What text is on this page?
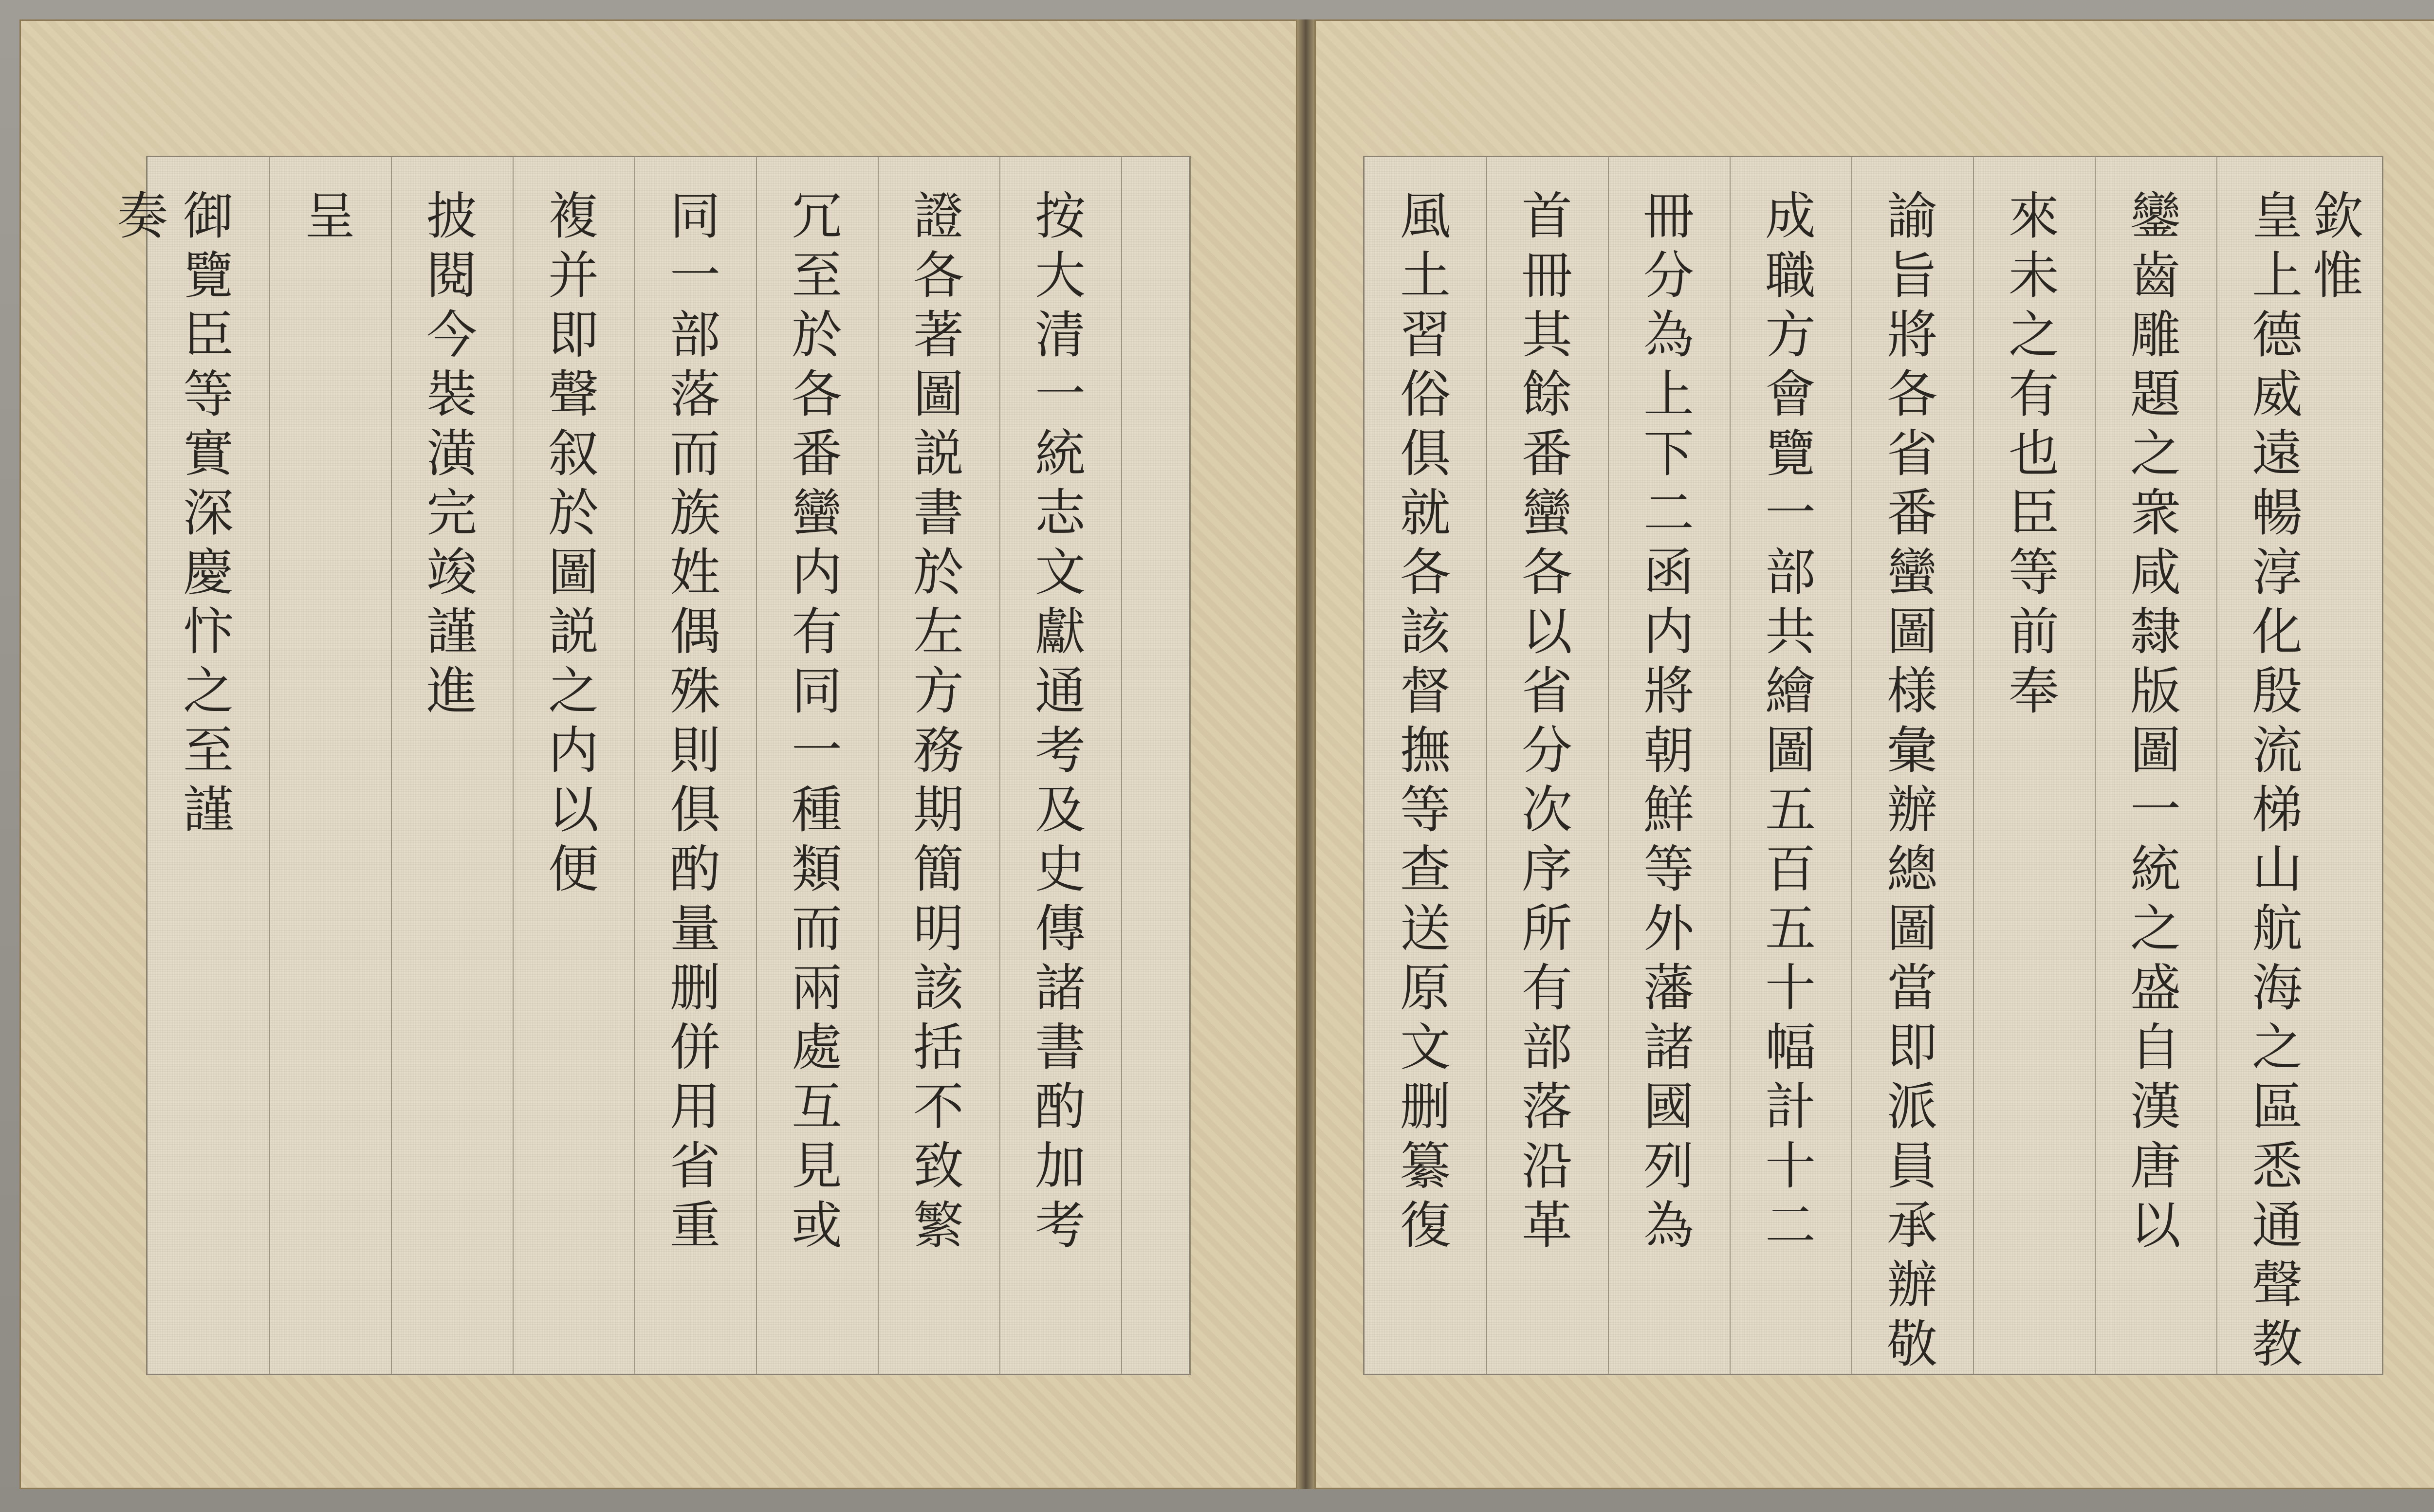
按大清一統志文獻通考及史傳諸書酌加考

證各著圖説書於左方務期簡明該括不致繁

冗至於各番蠻内有同一種類而兩處互見或

同一部落而族姓偶殊則俱酌量删併用省重

複并即聲叙於圖説之内以便

披閱今裝潢完竣謹進

呈

御覽臣等實深慶忭之至謹

奏	欽惟

皇上德威遠暢淳化殷流梯山航海之區悉通聲教

鑾齒雕題之衆咸隸版圖一統之盛自漢唐以

來未之有也臣等前奉

諭旨將各省番蠻圖様彙辦總圖當即派員承辦敬

成職方會覽一部共繪圖五百五十幅計十二

冊分為上下二函内將朝鮮等外藩諸國列為

首冊其餘番蠻各以省分次序所有部落沿革

風土習俗俱就各該督撫等查送原文删纂復
